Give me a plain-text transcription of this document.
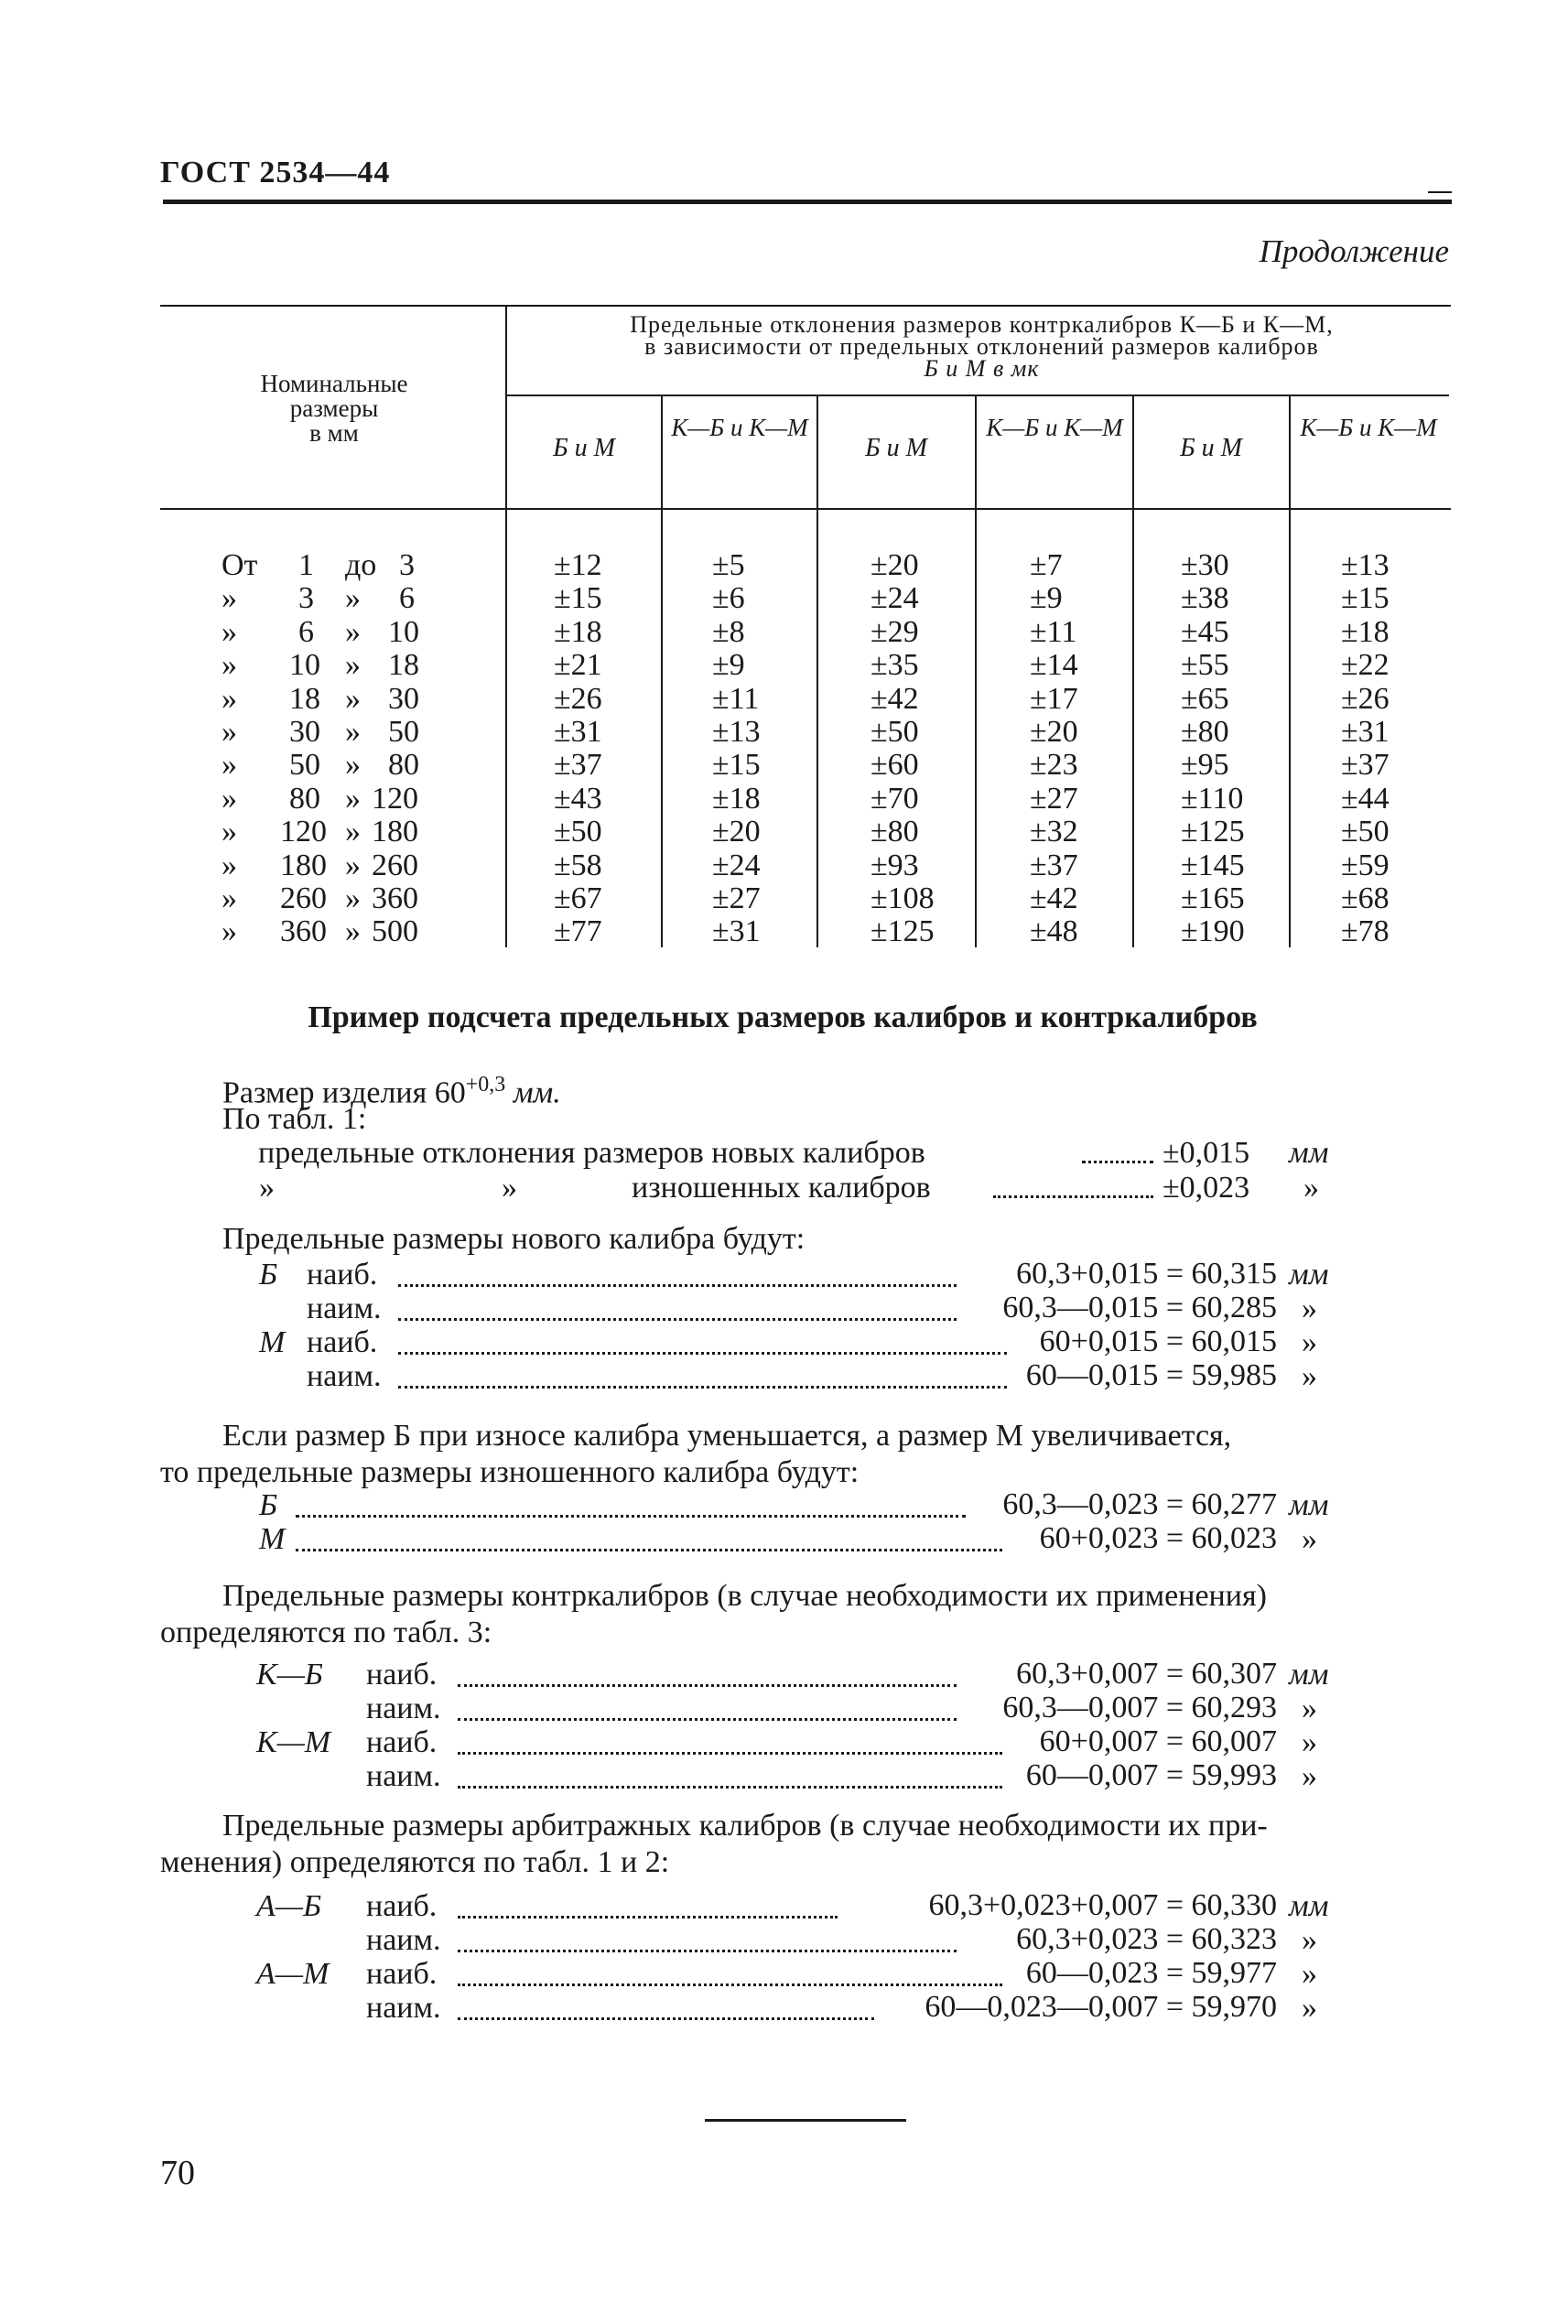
ГОСТ 2534—44
Продолжение
Номинальные
размеры
в мм
Предельные отклонения размеров контркалибров К—Б и К—М,
в зависимости от предельных отклонений размеров калибров
Б и М в мк
Б и М
К—Б и К—М
Б и М
К—Б и К—М
Б и М
К—Б и К—М
От 1 до 3	±12	±5	±20	±7	±30	±13
» 3 » 6	±15	±6	±24	±9	±38	±15
» 6 » 10	±18	±8	±29	±11	±45	±18
» 10 » 18	±21	±9	±35	±14	±55	±22
» 18 » 30	±26	±11	±42	±17	±65	±26
» 30 » 50	±31	±13	±50	±20	±80	±31
» 50 » 80	±37	±15	±60	±23	±95	±37
» 80 » 120	±43	±18	±70	±27	±110	±44
» 120 » 180	±50	±20	±80	±32	±125	±50
» 180 » 260	±58	±24	±93	±37	±145	±59
» 260 » 360	±67	±27	±108	±42	±165	±68
» 360 » 500	±77	±31	±125	±48	±190	±78
Пример подсчета предельных размеров калибров и контркалибров
Размер изделия $60^{+0,3}$ мм.
По табл. 1:
предельные отклонения размеров новых калибров	±0,015 мм
»	»	изношенных калибров	±0,023 »
Предельные размеры нового калибра будут:
Б наиб.	60,3+0,015 = 60,315 мм
наим.	60,3—0,015 = 60,285 »
М наиб.	60+0,015 = 60,015 »
наим.	60—0,015 = 59,985 »
Если размер Б при износе калибра уменьшается, а размер М увеличивается,
то предельные размеры изношенного калибра будут:
Б	60,3—0,023 = 60,277 мм
М	60+0,023 = 60,023 »
Предельные размеры контркалибров (в случае необходимости их применения)
определяются по табл. 3:
К—Б наиб.	60,3+0,007 = 60,307 мм
наим.	60,3—0,007 = 60,293 »
К—М наиб.	60+0,007 = 60,007 »
наим.	60—0,007 = 59,993 »
Предельные размеры арбитражных калибров (в случае необходимости их при-
менения) определяются по табл. 1 и 2:
А—Б наиб.	60,3+0,023+0,007 = 60,330 мм
наим.	60,3+0,023 = 60,323 »
А—М наиб.	60—0,023 = 59,977 »
наим.	60—0,023—0,007 = 59,970 »
70
